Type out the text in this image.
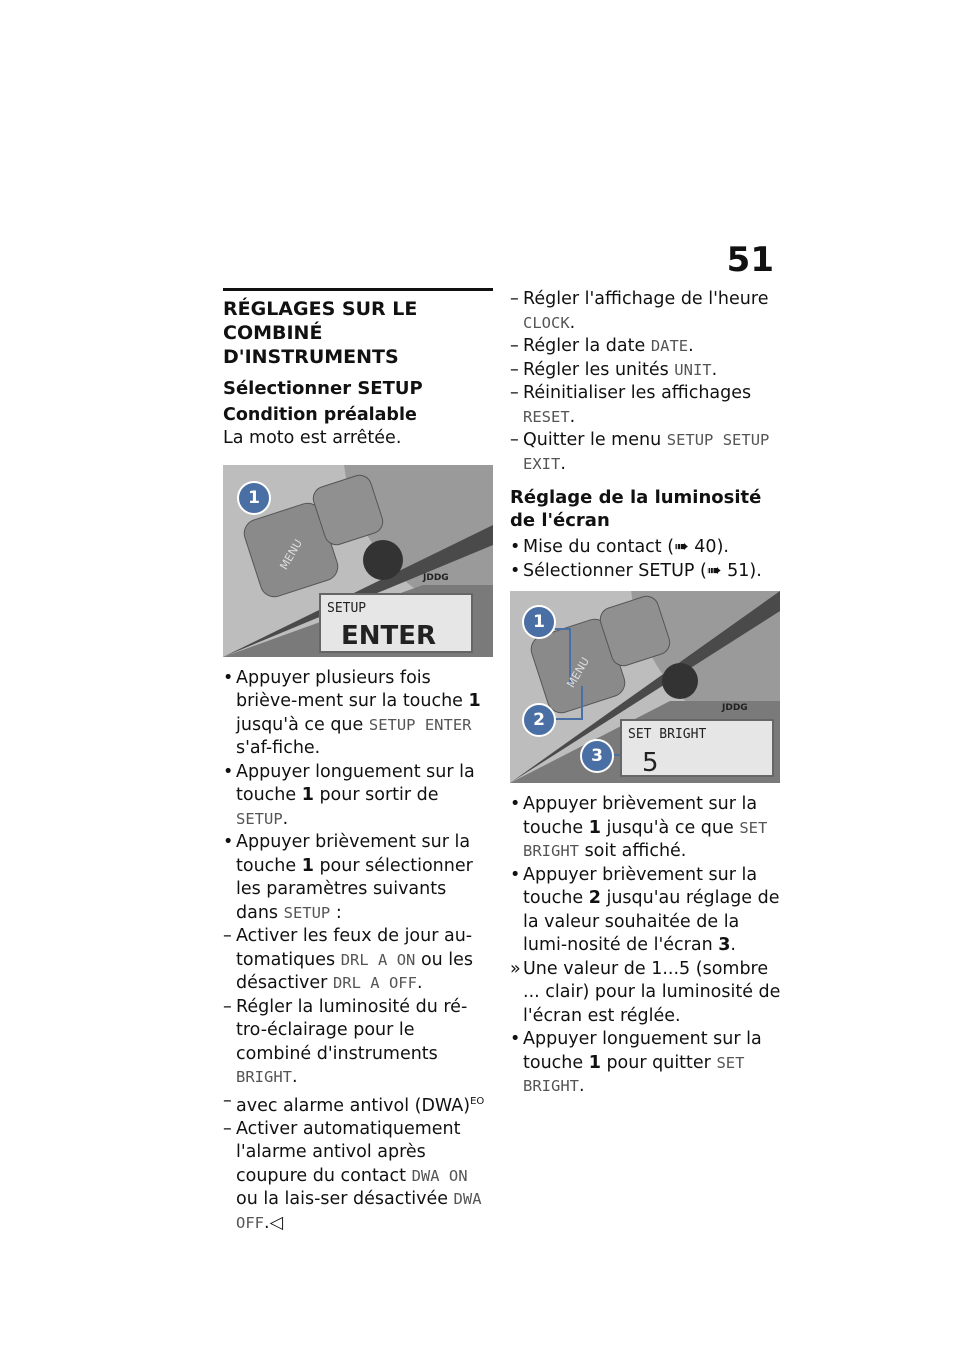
51
RÉGLAGES SUR LE COMBINÉ D'INSTRUMENTS
Sélectionner SETUP
Condition préalable

La moto est arrêtée.

1
MENU
JDDG
SETUP
ENTER

• Appuyer plusieurs fois briève-ment sur la touche 1 jusqu'à ce que SETUP ENTER s'af-fiche.

• Appuyer longuement sur la touche 1 pour sortir de SETUP.

• Appuyer brièvement sur la touche 1 pour sélectionner les paramètres suivants dans SETUP :

– Activer les feux de jour au-tomatiques DRL A ON ou les désactiver DRL A OFF.

– Régler la luminosité du ré-tro-éclairage pour le combiné d'instruments BRIGHT.

– avec alarme antivol (DWA)$^{EO}$

– Activer automatiquement l'alarme antivol après coupure du contact DWA ON ou la lais-ser désactivée DWA OFF.◁

– Régler l'affichage de l'heure CLOCK.

– Régler la date DATE.

– Régler les unités UNIT.

– Réinitialiser les affichages RESET.

– Quitter le menu SETUP SETUP EXIT.

Réglage de la luminosité de l'écran

• Mise du contact (➠ 40).

• Sélectionner SETUP (➠ 51).

1
2
3
MENU
JDDG
SET BRIGHT
5

• Appuyer brièvement sur la touche 1 jusqu'à ce que SET BRIGHT soit affiché.

• Appuyer brièvement sur la touche 2 jusqu'au réglage de la valeur souhaitée de la lumi-nosité de l'écran 3.

» Une valeur de 1...5 (sombre ... clair) pour la luminosité de l'écran est réglée.

• Appuyer longuement sur la touche 1 pour quitter SET BRIGHT.
